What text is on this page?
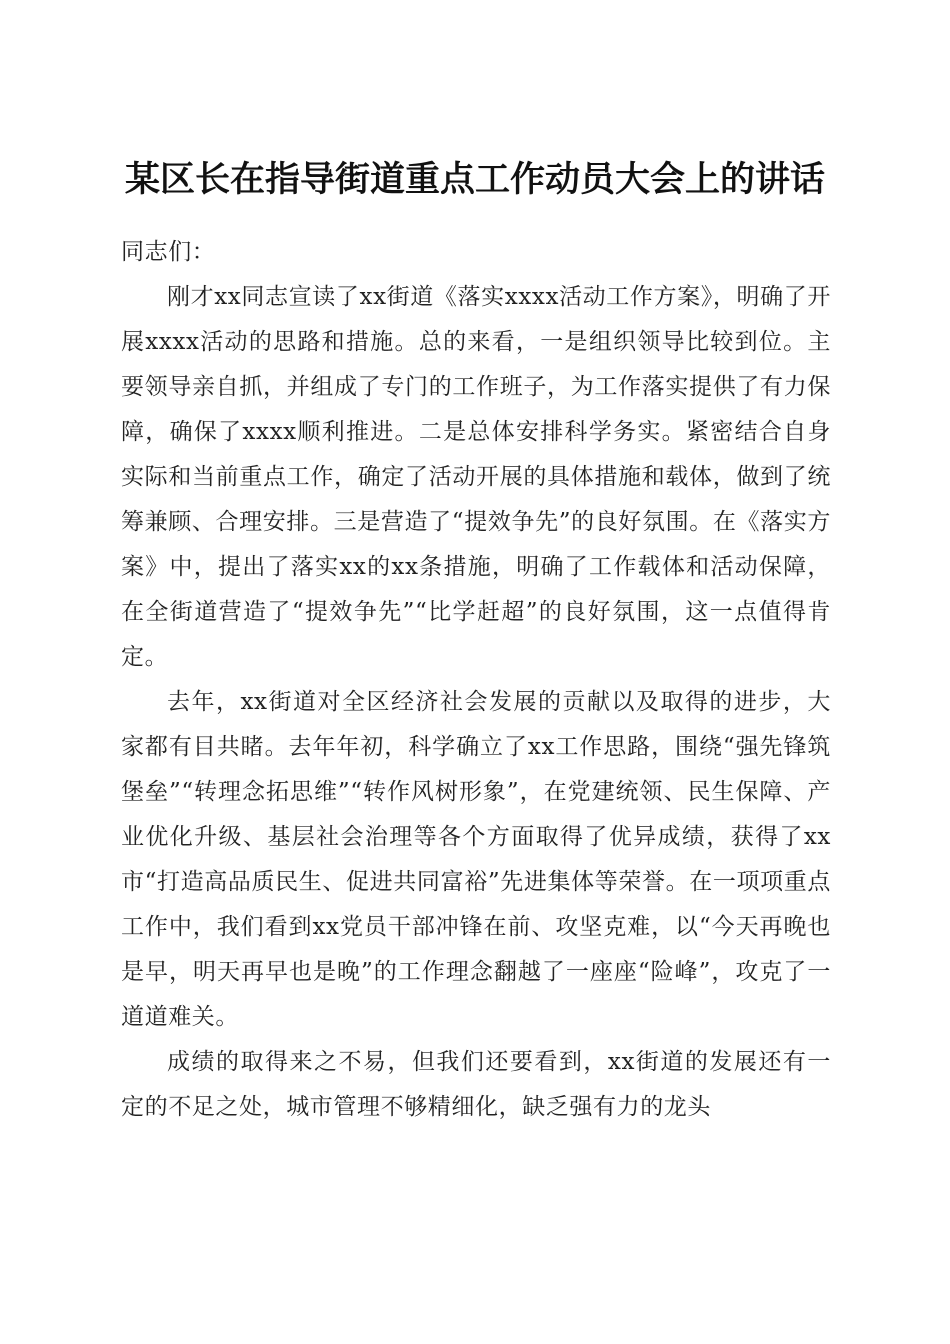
某区长在指导街道重点工作动员大会上的讲话

同志们：

刚才xx同志宣读了xx街道《落实xxxx活动工作方案》，明确了开展xxxx活动的思路和措施。总的来看，一是组织领导比较到位。主要领导亲自抓，并组成了专门的工作班子，为工作落实提供了有力保障，确保了xxxx顺利推进。二是总体安排科学务实。紧密结合自身实际和当前重点工作，确定了活动开展的具体措施和载体，做到了统筹兼顾、合理安排。三是营造了“提效争先”的良好氛围。在《落实方案》中，提出了落实xx的xx条措施，明确了工作载体和活动保障，在全街道营造了“提效争先”“比学赶超”的良好氛围，这一点值得肯定。

去年，xx街道对全区经济社会发展的贡献以及取得的进步，大家都有目共睹。去年年初，科学确立了xx工作思路，围绕“强先锋筑堡垒”“转理念拓思维”“转作风树形象”，在党建统领、民生保障、产业优化升级、基层社会治理等各个方面取得了优异成绩，获得了xx市“打造高品质民生、促进共同富裕”先进集体等荣誉。在一项项重点工作中，我们看到xx党员干部冲锋在前、攻坚克难，以“今天再晚也是早，明天再早也是晚”的工作理念翻越了一座座“险峰”，攻克了一道道难关。

成绩的取得来之不易，但我们还要看到，xx街道的发展还有一定的不足之处，城市管理不够精细化，缺乏强有力的龙头
